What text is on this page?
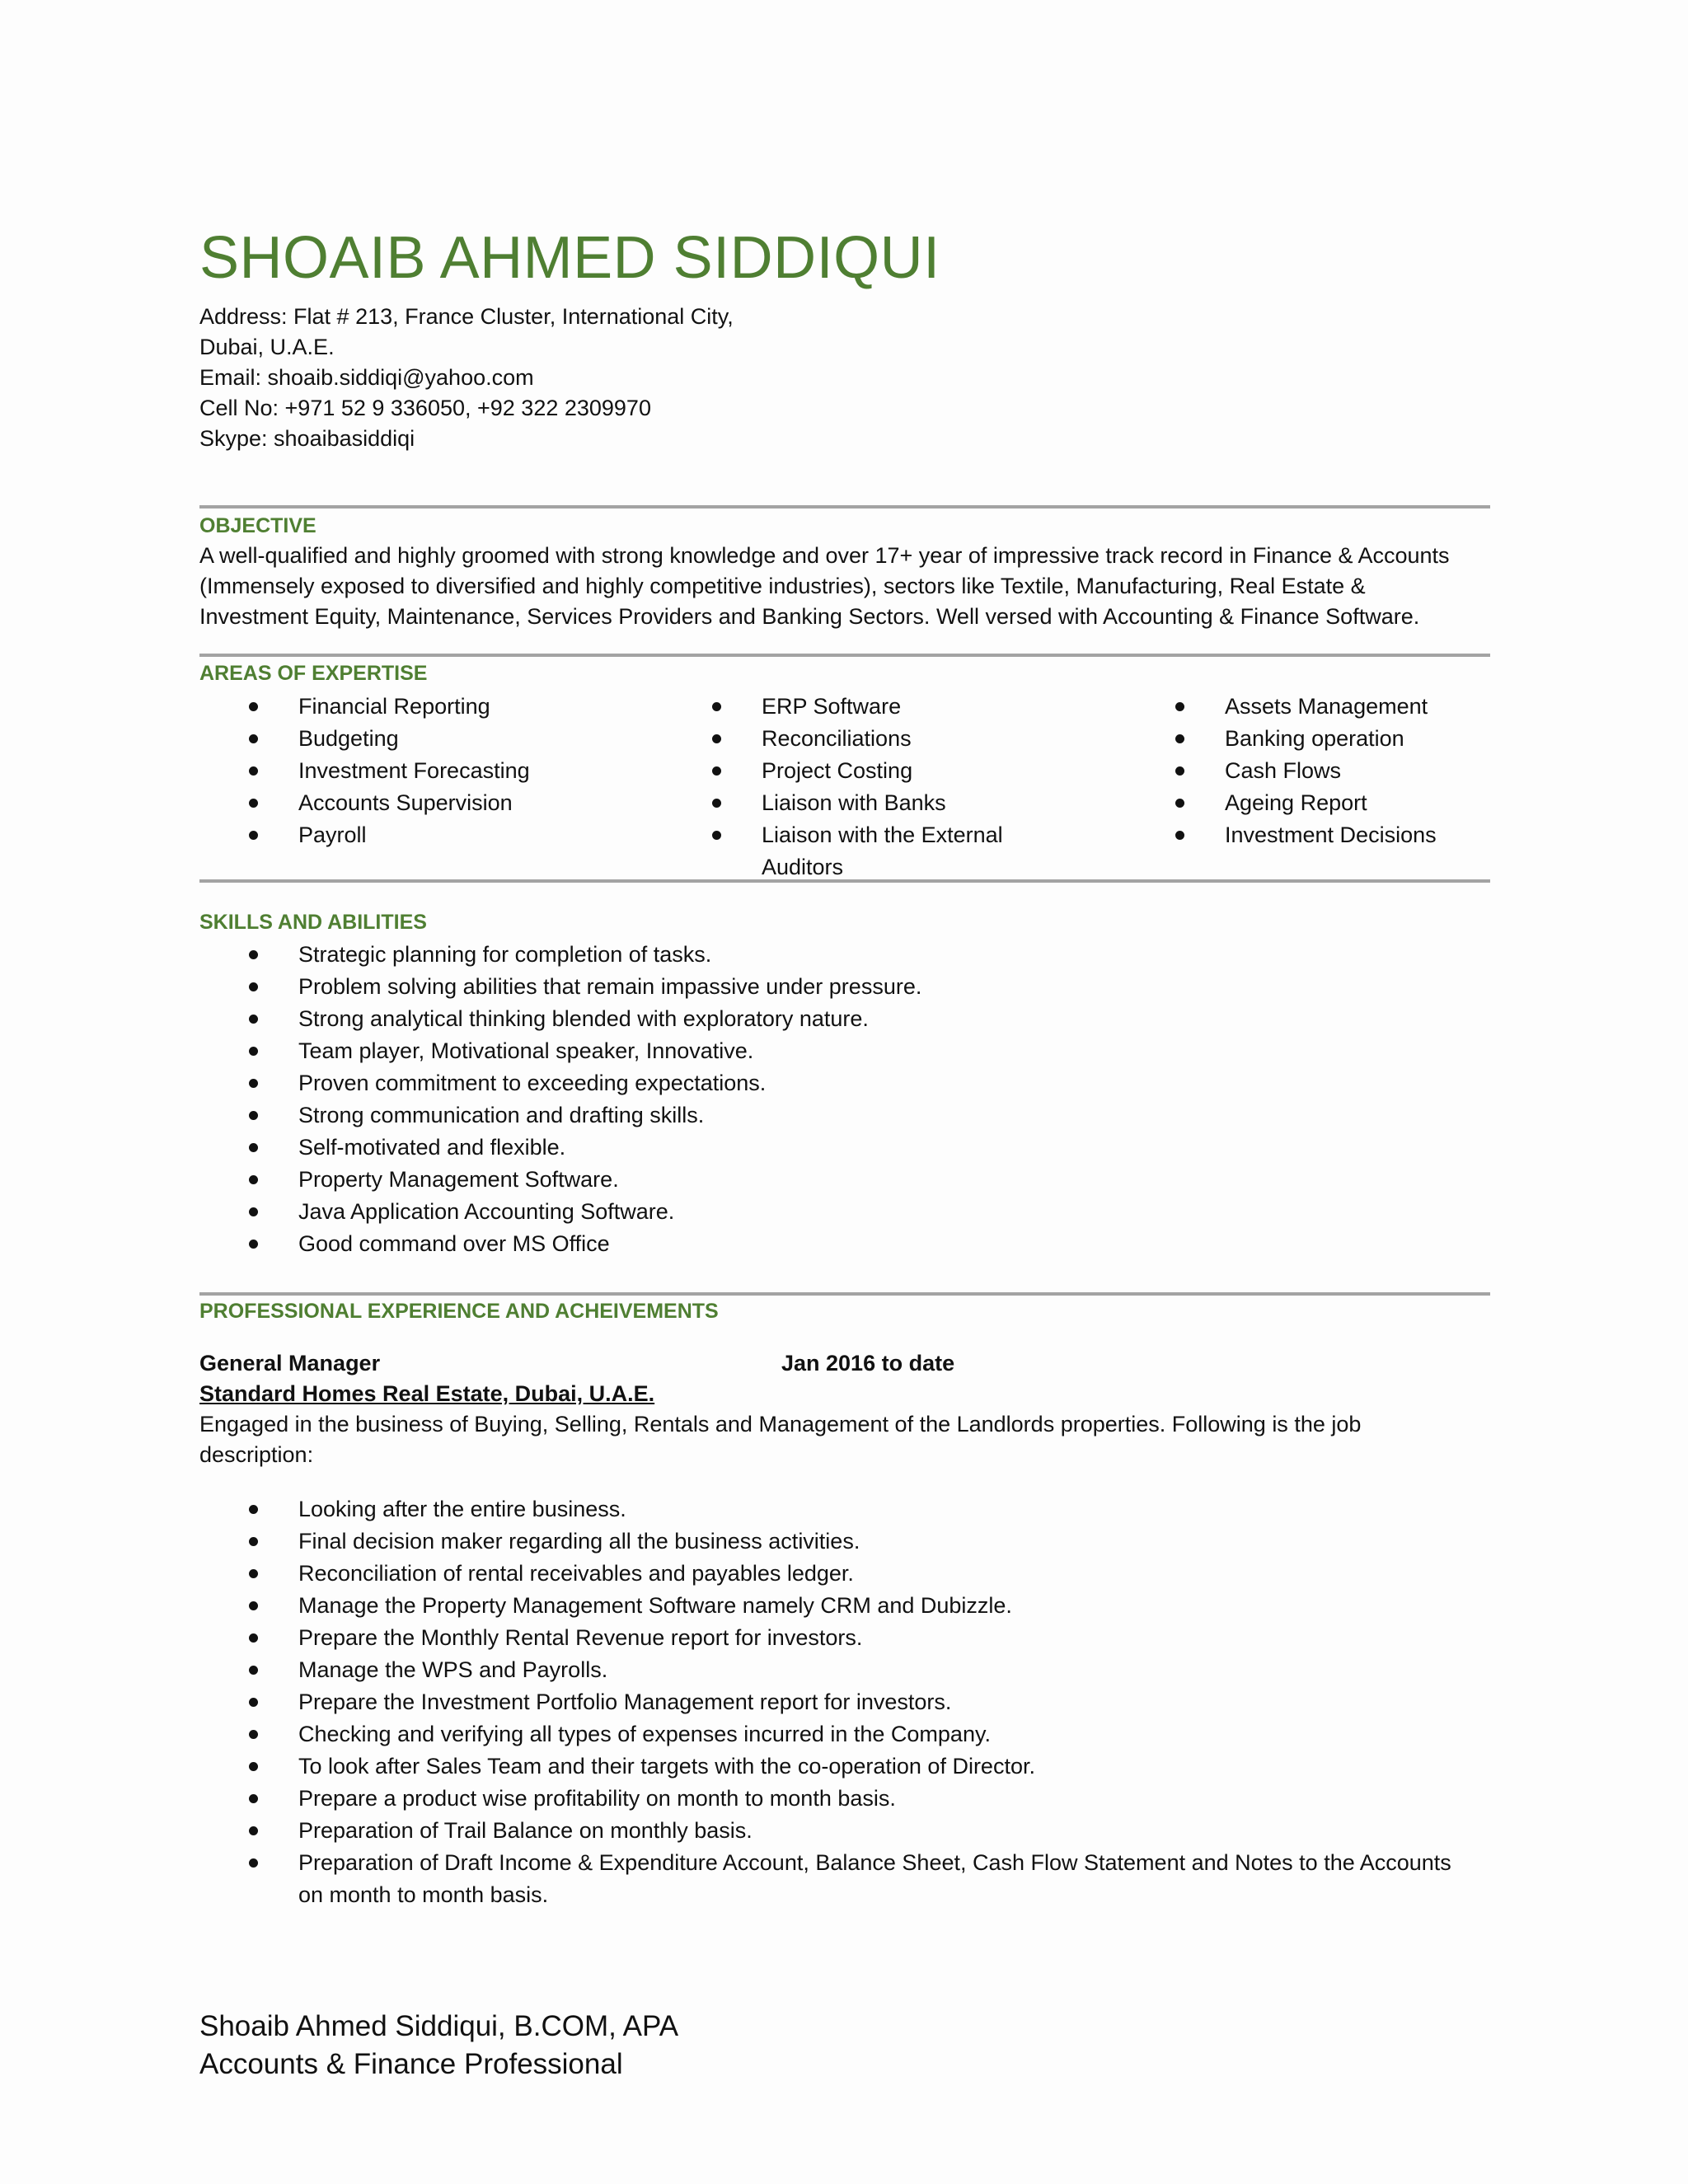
SHOAIB AHMED SIDDIQUI
Address: Flat # 213, France Cluster, International City,
Dubai, U.A.E.
Email: shoaib.siddiqi@yahoo.com
Cell No: +971 52 9 336050, +92 322 2309970
Skype: shoaibasiddiqi
OBJECTIVE
A well-qualified and highly groomed with strong knowledge and over 17+ year of impressive track record in Finance & Accounts
(Immensely exposed to diversified and highly competitive industries), sectors like Textile, Manufacturing, Real Estate &
Investment Equity, Maintenance, Services Providers and Banking Sectors. Well versed with Accounting & Finance Software.
AREAS OF EXPERTISE
Financial Reporting
Budgeting
Investment Forecasting
Accounts Supervision
Payroll
ERP Software
Reconciliations
Project Costing
Liaison with Banks
Liaison with the External
Auditors
Assets Management
Banking operation
Cash Flows
Ageing Report
Investment Decisions
SKILLS AND ABILITIES
Strategic planning for completion of tasks.
Problem solving abilities that remain impassive under pressure.
Strong analytical thinking blended with exploratory nature.
Team player, Motivational speaker, Innovative.
Proven commitment to exceeding expectations.
Strong communication and drafting skills.
Self-motivated and flexible.
Property Management Software.
Java Application Accounting Software.
Good command over MS Office
PROFESSIONAL EXPERIENCE AND ACHEIVEMENTS
General Manager	Jan 2016 to date
Standard Homes Real Estate, Dubai, U.A.E.
Engaged in the business of Buying, Selling, Rentals and Management of the Landlords properties. Following is the job
description:
Looking after the entire business.
Final decision maker regarding all the business activities.
Reconciliation of rental receivables and payables ledger.
Manage the Property Management Software namely CRM and Dubizzle.
Prepare the Monthly Rental Revenue report for investors.
Manage the WPS and Payrolls.
Prepare the Investment Portfolio Management report for investors.
Checking and verifying all types of expenses incurred in the Company.
To look after Sales Team and their targets with the co-operation of Director.
Prepare a product wise profitability on month to month basis.
Preparation of Trail Balance on monthly basis.
Preparation of Draft Income & Expenditure Account, Balance Sheet, Cash Flow Statement and Notes to the Accounts
on month to month basis.
Shoaib Ahmed Siddiqui, B.COM, APA
Accounts & Finance Professional
